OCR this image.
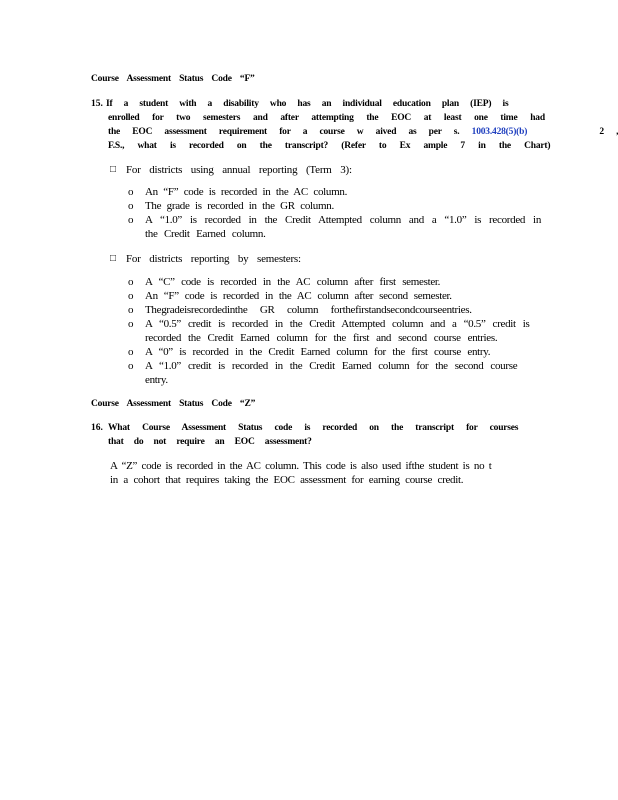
Course Assessment Status Code “F”
15. If a student with a disability who has an individual education plan (IEP) is
enrolled for two semesters and after attempting the EOC at least one time had
the EOC assessment requirement for a course w aived as per s. 1003.428(5)(b)	2 ,
F.S., what is recorded on the transcript? (Refer to Ex ample 7 in the Chart)
□ For districts using annual reporting (Term 3):
o An “F” code is recorded in the AC column.
o The grade is recorded in the GR column.
o A “1.0” is recorded in the Credit Attempted column and a “1.0” is recorded in
the Credit Earned column.
□ For districts reporting by semesters:
o A “C” code is recorded in the AC column after first semester.
o An “F” code is recorded in the AC column after second semester.
o Thegradeisrecordedinthe GR column forthefirstandsecondcourseentries.
o A “0.5” credit is recorded in the Credit Attempted column and a “0.5” credit is
recorded the Credit Earned column for the first and second course entries.
o A “0” is recorded in the Credit Earned column for the first course entry.
o A “1.0” credit is recorded in the Credit Earned column for the second course
entry.
Course Assessment Status Code “Z”
16. What Course Assessment Status code is recorded on the transcript for courses
that do not require an EOC assessment?
A “Z” code is recorded in the AC column. This code is also used ifthe student is no t
in a cohort that requires taking the EOC assessment for earning course credit.
